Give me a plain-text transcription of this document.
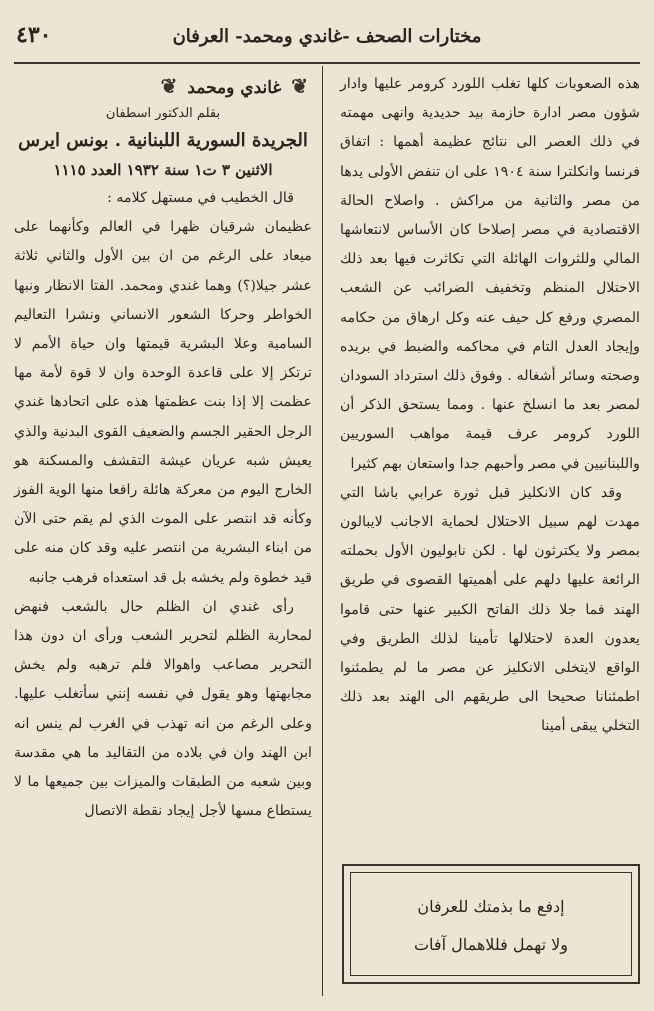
٤٣٠	مختارات الصحف -غاندي ومحمد- العرفان

هذه الصعوبات كلها تغلب اللورد كرومر عليها وادار شؤون مصر ادارة حازمة بيد حديدية وانهى مهمته في ذلك العصر الى نتائج عظيمة أهمها : اتفاق فرنسا وانكلترا سنة ١٩٠٤ على ان تنفض الأولى يدها من مصر والثانية من مراكش . واصلاح الحالة الاقتصادية في مصر إصلاحا كان الأساس لانتعاشها المالي وللثروات الهائلة التي تكاثرت فيها بعد ذلك الاحتلال المنظم وتخفيف الضرائب عن الشعب المصري ورفع كل حيف عنه وكل ارهاق من حكامه وإيجاد العدل التام في محاكمه والضبط في بريده وصحته وسائر أشغاله . وفوق ذلك استرداد السودان لمصر بعد ما انسلخ عنها . ومما يستحق الذكر أن اللورد كرومر عرف قيمة مواهب السوريين واللبنانيين في مصر وأحبهم جدا واستعان بهم كثيرا

وقد كان الانكليز قبل ثورة عرابي باشا التي مهدت لهم سبيل الاحتلال لحماية الاجانب لايبالون بمصر ولا يكترثون لها . لكن نابوليون الأول بحملته الرائعة عليها دلهم على أهميتها القصوى في طريق الهند فما جلا ذلك الفاتح الكبير عنها حتى قاموا يعدون العدة لاحتلالها تأمينا لذلك الطريق وفي الواقع لايتخلى الانكليز عن مصر ما لم يطمئنوا اطمئنانا صحيحا الى طريقهم الى الهند بعد ذلك التخلي يبقى أمينا

إدفع ما بذمتك للعرفان
ولا تهمل فللاهمال آفات
❦ غاندي ومحمد ❦

بقلم الدكتور اسطفان

الجريدة السورية اللبنانية . بونس ايرس

الاثنين ٣ ت١ سنة ١٩٣٢ العدد ١١١٥

قال الخطيب في مستهل كلامه :

عظيمان شرقيان ظهرا في العالم وكأنهما على ميعاد على الرغم من ان بين الأول والثاني ثلاثة عشر جيلا(؟) وهما غندي ومحمد. الفتا الانظار ونبها الخواطر وحركا الشعور الانساني ونشرا التعاليم السامية وعلا البشرية قيمتها وان حياة الأمم لا ترتكز إلا على قاعدة الوحدة وان لا قوة لأمة مها عظمت إلا إذا بنت عظمتها هذه على اتحادها غندي الرجل الحقير الجسم والضعيف القوى البدنية والذي يعيش شبه عريان عيشة التقشف والمسكنة هو الخارج اليوم من معركة هائلة رافعا منها الوية الفوز وكأنه قد انتصر على الموت الذي لم يقم حتى الآن من ابناء البشرية من انتصر عليه وقد كان منه على قيد خطوة ولم يخشه بل قد استعداه فرهب جانبه

رأى غندي ان الظلم حال بالشعب فنهض لمحاربة الظلم لتحرير الشعب ورأى ان دون هذا التحرير مصاعب واهوالا فلم ترهبه ولم يخش مجابهتها وهو يقول في نفسه إنني سأتغلب عليها. وعلى الرغم من انه تهذب في الغرب لم ينس انه ابن الهند وان في بلاده من التقاليد ما هي مقدسة وبين شعبه من الطبقات والميزات بين جميعها ما لا يستطاع مسها لأجل إيجاد نقطة الاتصال
